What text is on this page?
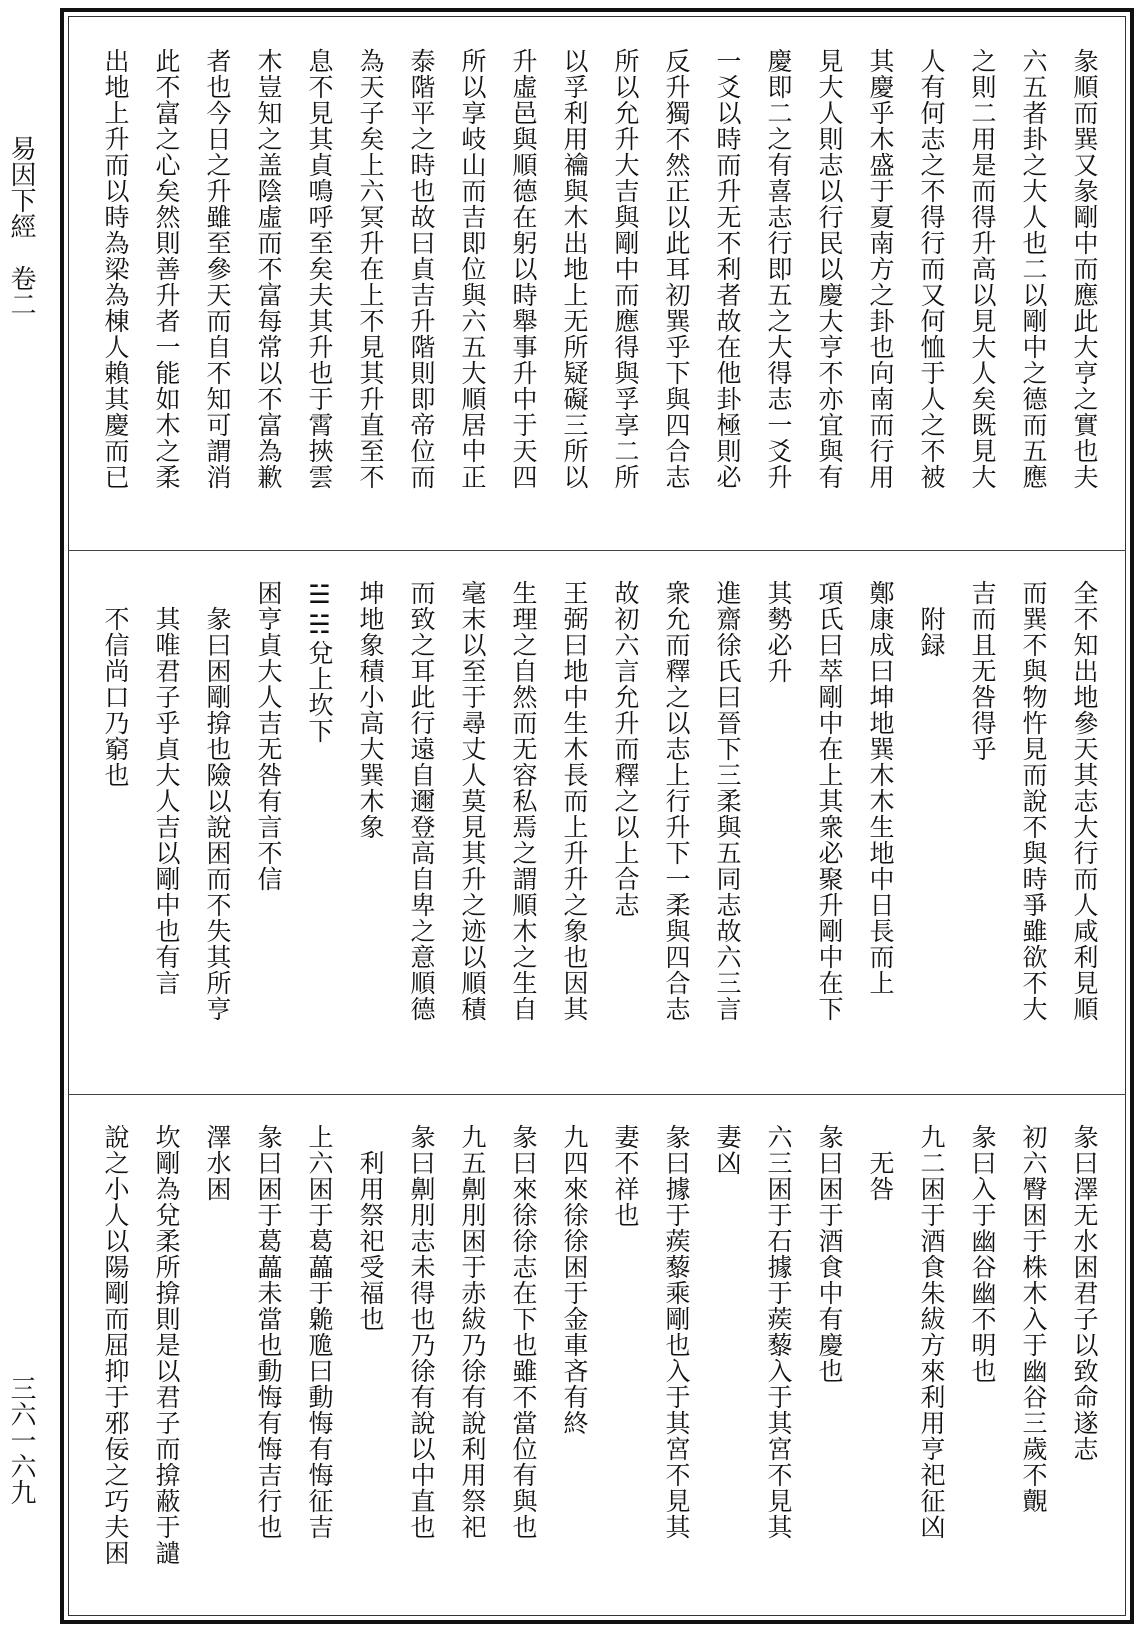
易因下經　卷二
三六一六九
彖順而巽又彖剛中而應此大亨之實也夫
六五者卦之大人也二以剛中之德而五應
之則二用是而得升高以見大人矣既見大
人有何志之不得行而又何恤于人之不被
其慶乎木盛于夏南方之卦也向南而行用
見大人則志以行民以慶大亨不亦宜與有
慶即二之有喜志行即五之大得志一爻升
一爻以時而升无不利者故在他卦極則必
反升獨不然正以此耳初巽乎下與四合志
所以允升大吉與剛中而應得與孚享二所
以孚利用禴與木出地上无所疑礙三所以
升虛邑與順德在躬以時舉事升中于天四
所以享岐山而吉即位與六五大順居中正
泰階平之時也故曰貞吉升階則即帝位而
為天子矣上六冥升在上不見其升直至不
息不見其貞鳴呼至矣夫其升也于霄挾雲
木豈知之盖陰虛而不富每常以不富為歉
者也今日之升雖至參天而自不知可謂消
此不富之心矣然則善升者一能如木之柔
出地上升而以時為梁為棟人賴其慶而已
全不知出地參天其志大行而人咸利見順
而巽不與物忤見而說不與時爭雖欲不大
吉而且无咎得乎
　附録
鄭康成曰坤地巽木木生地中日長而上
項氏曰萃剛中在上其衆必聚升剛中在下
其勢必升
進齋徐氏曰晉下三柔與五同志故六三言
衆允而釋之以志上行升下一柔與四合志
故初六言允升而釋之以上合志
王弼曰地中生木長而上升升之象也因其
生理之自然而无容私焉之謂順木之生自
毫末以至于尋丈人莫見其升之迹以順積
而致之耳此行遠自邇登高自卑之意順德
坤地象積小高大巽木象
☱☵兌上坎下
困亨貞大人吉无咎有言不信
　彖曰困剛揜也險以說困而不失其所亨
　其唯君子乎貞大人吉以剛中也有言
　不信尚口乃窮也
彖曰澤无水困君子以致命遂志
初六臀困于株木入于幽谷三歲不覿
彖曰入于幽谷幽不明也
九二困于酒食朱紱方來利用亨祀征凶
　无咎
彖曰困于酒食中有慶也
六三困于石據于蒺藜入于其宮不見其
妻凶
彖曰據于蒺藜乘剛也入于其宮不見其
妻不祥也
九四來徐徐困于金車吝有終
彖曰來徐徐志在下也雖不當位有與也
九五劓刖困于赤紱乃徐有說利用祭祀
彖曰劓刖志未得也乃徐有說以中直也
　利用祭祀受福也
上六困于葛藟于臲卼曰動悔有悔征吉
彖曰困于葛藟未當也動悔有悔吉行也
澤水困
坎剛為兌柔所揜則是以君子而揜蔽于譴
說之小人以陽剛而屈抑于邪佞之巧夫困
